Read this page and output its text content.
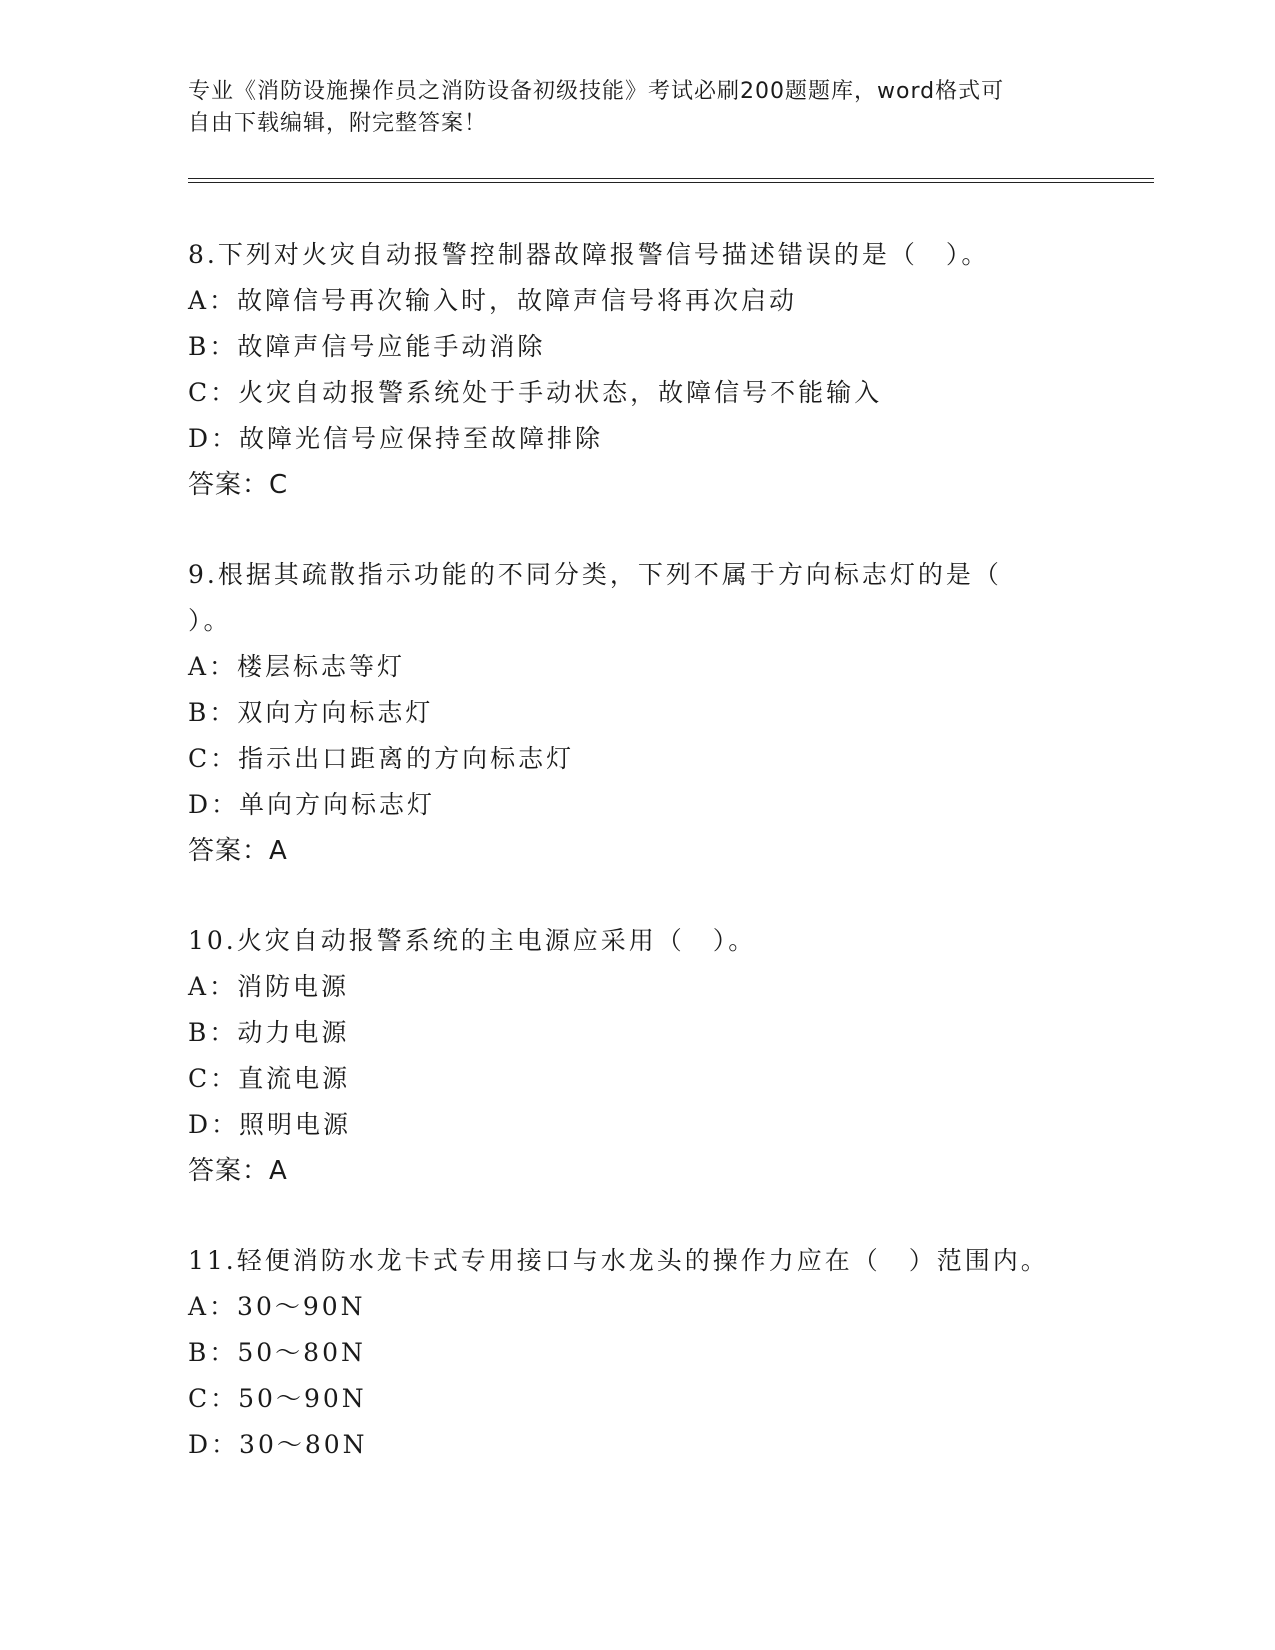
专业《消防设施操作员之消防设备初级技能》考试必刷200题题库，word格式可

自由下载编辑，附完整答案！

8.下列对火灾自动报警控制器故障报警信号描述错误的是（　）。
A：故障信号再次输入时，故障声信号将再次启动
B：故障声信号应能手动消除
C：火灾自动报警系统处于手动状态，故障信号不能输入
D：故障光信号应保持至故障排除
答案：C
9.根据其疏散指示功能的不同分类，下列不属于方向标志灯的是（
）。
A：楼层标志等灯
B：双向方向标志灯
C：指示出口距离的方向标志灯
D：单向方向标志灯
答案：A
10.火灾自动报警系统的主电源应采用（　）。
A：消防电源
B：动力电源
C：直流电源
D：照明电源
答案：A
11.轻便消防水龙卡式专用接口与水龙头的操作力应在（　）范围内。
A：30～90N
B：50～80N
C：50～90N
D：30～80N
